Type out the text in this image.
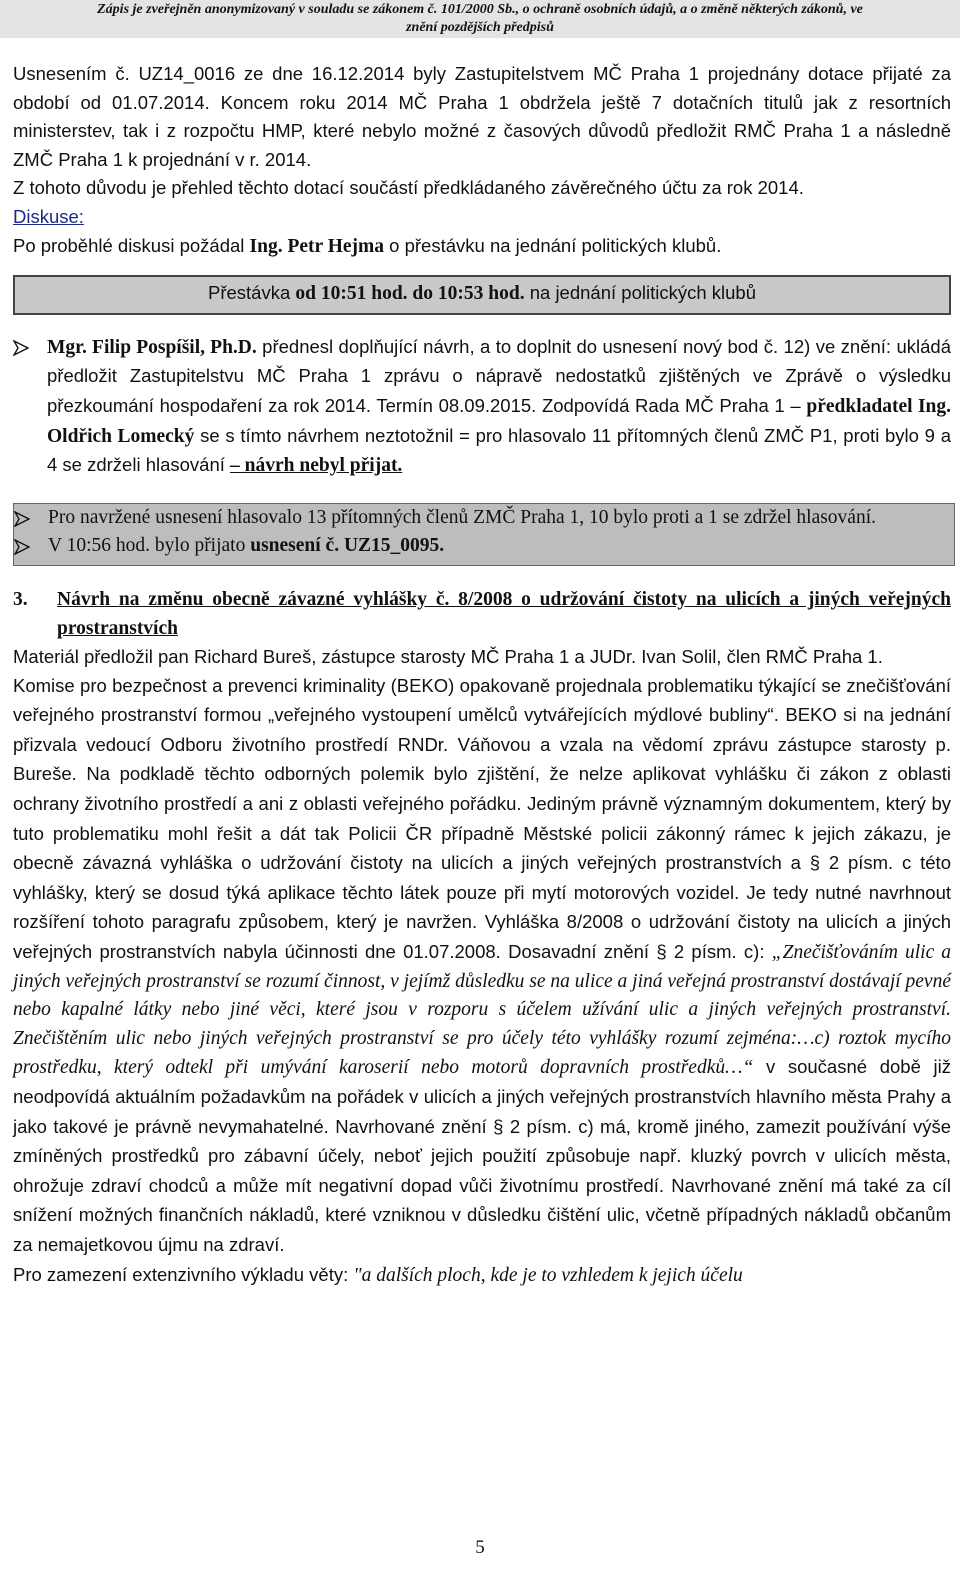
Zápis je zveřejněn anonymizovaný v souladu se zákonem č. 101/2000 Sb., o ochraně osobních údajů, a o změně některých zákonů, ve
znění pozdějších předpisů

Usnesením č. UZ14_0016 ze dne 16.12.2014 byly Zastupitelstvem MČ Praha 1 projednány dotace přijaté za období od 01.07.2014. Koncem roku 2014 MČ Praha 1 obdržela ještě 7 dotačních titulů jak z resortních ministerstev, tak i z rozpočtu HMP, které nebylo možné z časových důvodů předložit RMČ Praha 1 a následně ZMČ Praha 1 k projednání v r. 2014.

Z tohoto důvodu je přehled těchto dotací součástí předkládaného závěrečného účtu za rok 2014.

Diskuse:

Po proběhlé diskusi požádal Ing. Petr Hejma o přestávku na jednání politických klubů.

Přestávka od 10:51 hod. do 10:53 hod. na jednání politických klubů
Mgr. Filip Pospíšil, Ph.D. přednesl doplňující návrh, a to doplnit do usnesení nový bod č. 12) ve znění: ukládá předložit Zastupitelstvu MČ Praha 1 zprávu o nápravě nedostatků zjištěných ve Zprávě o výsledku přezkoumání hospodaření za rok 2014. Termín 08.09.2015. Zodpovídá Rada MČ Praha 1 – předkladatel Ing. Oldřich Lomecký se s tímto návrhem neztotožnil = pro hlasovalo 11 přítomných členů ZMČ P1, proti bylo 9 a 4 se zdrželi hlasování – návrh nebyl přijat.
Pro navržené usnesení hlasovalo 13 přítomných členů ZMČ Praha 1, 10 bylo proti a 1 se zdržel hlasování.
V 10:56 hod. bylo přijato usnesení č. UZ15_0095.
3.	Návrh na změnu obecně závazné vyhlášky č. 8/2008 o udržování čistoty na ulicích a jiných veřejných prostranstvích

Materiál předložil pan Richard Bureš, zástupce starosty MČ Praha 1 a JUDr. Ivan Solil, člen RMČ Praha 1.

Komise pro bezpečnost a prevenci kriminality (BEKO) opakovaně projednala problematiku týkající se znečišťování veřejného prostranství formou „veřejného vystoupení umělců vytvářejících mýdlové bubliny“. BEKO si na jednání přizvala vedoucí Odboru životního prostředí RNDr. Váňovou a vzala na vědomí zprávu zástupce starosty p. Bureše. Na podkladě těchto odborných polemik bylo zjištění, že nelze aplikovat vyhlášku či zákon z oblasti ochrany životního prostředí a ani z oblasti veřejného pořádku. Jediným právně významným dokumentem, který by tuto problematiku mohl řešit a dát tak Policii ČR případně Městské policii zákonný rámec k jejich zákazu, je obecně závazná vyhláška o udržování čistoty na ulicích a jiných veřejných prostranstvích a § 2 písm. c této vyhlášky, který se dosud týká aplikace těchto látek pouze při mytí motorových vozidel. Je tedy nutné navrhnout rozšíření tohoto paragrafu způsobem, který je navržen. Vyhláška 8/2008 o udržování čistoty na ulicích a jiných veřejných prostranstvích nabyla účinnosti dne 01.07.2008. Dosavadní znění § 2 písm. c): „Znečišťováním ulic a jiných veřejných prostranství se rozumí činnost, v jejímž důsledku se na ulice a jiná veřejná prostranství dostávají pevné nebo kapalné látky nebo jiné věci, které jsou v rozporu s účelem užívání ulic a jiných veřejných prostranství. Znečištěním ulic nebo jiných veřejných prostranství se pro účely této vyhlášky rozumí zejména:…c) roztok mycího prostředku, který odtekl při umývání karoserií nebo motorů dopravních prostředků…“ v současné době již neodpovídá aktuálním požadavkům na pořádek v ulicích a jiných veřejných prostranstvích hlavního města Prahy a jako takové je právně nevymahatelné. Navrhované znění § 2 písm. c) má, kromě jiného, zamezit používání výše zmíněných prostředků pro zábavní účely, neboť jejich použití způsobuje např. kluzký povrch v ulicích města, ohrožuje zdraví chodců a může mít negativní dopad vůči životnímu prostředí. Navrhované znění má také za cíl snížení možných finančních nákladů, které vzniknou v důsledku čištění ulic, včetně případných nákladů občanům za nemajetkovou újmu na zdraví.

Pro zamezení extenzivního výkladu věty: "a dalších ploch, kde je to vzhledem k jejich účelu

5
